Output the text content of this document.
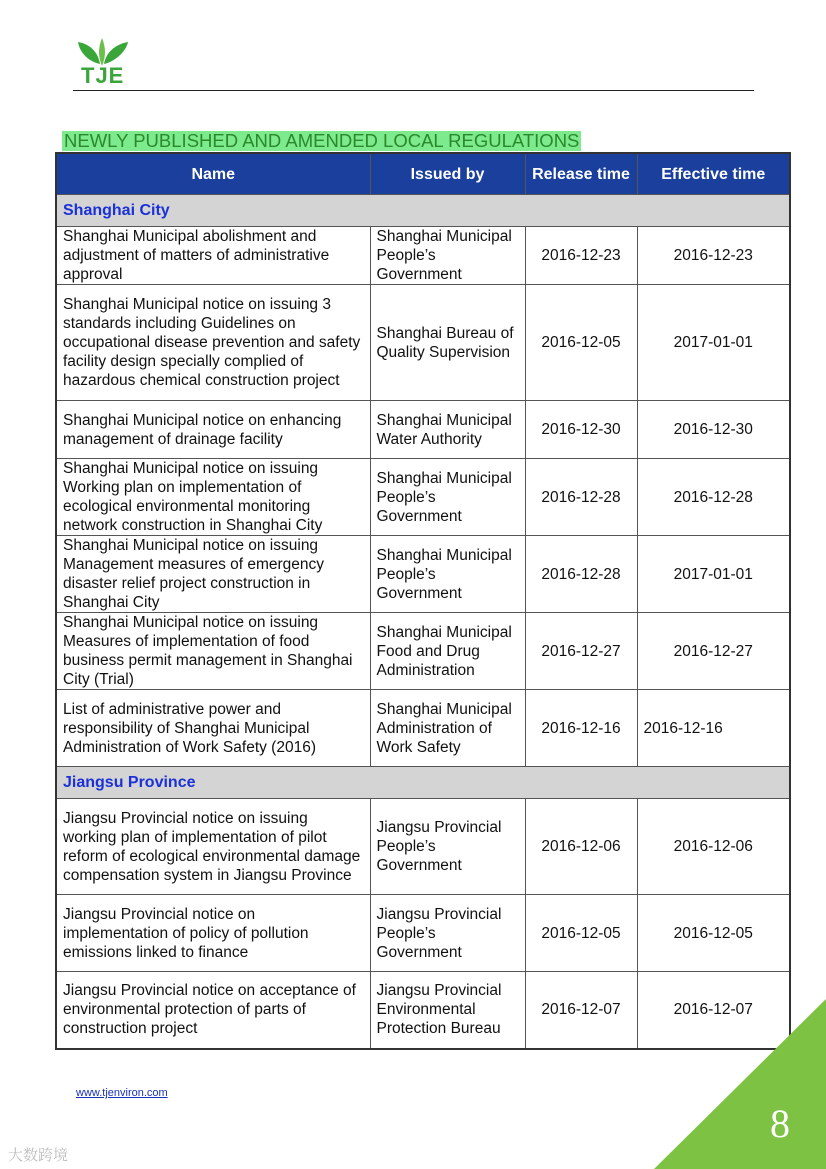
TJE
NEWLY PUBLISHED AND AMENDED LOCAL REGULATIONS
Name	Issued by	Release time	Effective time
Shanghai City			
Shanghai Municipal abolishment and adjustment of matters of administrative approval	Shanghai Municipal People’s Government	2016-12-23	2016-12-23
Shanghai Municipal notice on issuing 3 standards including Guidelines on occupational disease prevention and safety facility design specially complied of hazardous chemical construction project	Shanghai Bureau of Quality Supervision	2016-12-05	2017-01-01
Shanghai Municipal notice on enhancing management of drainage facility	Shanghai Municipal Water Authority	2016-12-30	2016-12-30
Shanghai Municipal notice on issuing Working plan on implementation of ecological environmental monitoring network construction in Shanghai City	Shanghai Municipal People’s Government	2016-12-28	2016-12-28
Shanghai Municipal notice on issuing Management measures of emergency disaster relief project construction in Shanghai City	Shanghai Municipal People’s Government	2016-12-28	2017-01-01
Shanghai Municipal notice on issuing Measures of implementation of food business permit management in Shanghai City (Trial)	Shanghai Municipal Food and Drug Administration	2016-12-27	2016-12-27
List of administrative power and responsibility of Shanghai Municipal Administration of Work Safety (2016)	Shanghai Municipal Administration of Work Safety	2016-12-16	2016-12-16
Jiangsu Province			
Jiangsu Provincial notice on issuing working plan of implementation of pilot reform of ecological environmental damage compensation system in Jiangsu Province	Jiangsu Provincial People’s Government	2016-12-06	2016-12-06
Jiangsu Provincial notice on implementation of policy of pollution emissions linked to finance	Jiangsu Provincial People’s Government	2016-12-05	2016-12-05
Jiangsu Provincial notice on acceptance of environmental protection of parts of construction project	Jiangsu Provincial Environmental Protection Bureau	2016-12-07	2016-12-07
www.tjenviron.com
8
大数跨境
